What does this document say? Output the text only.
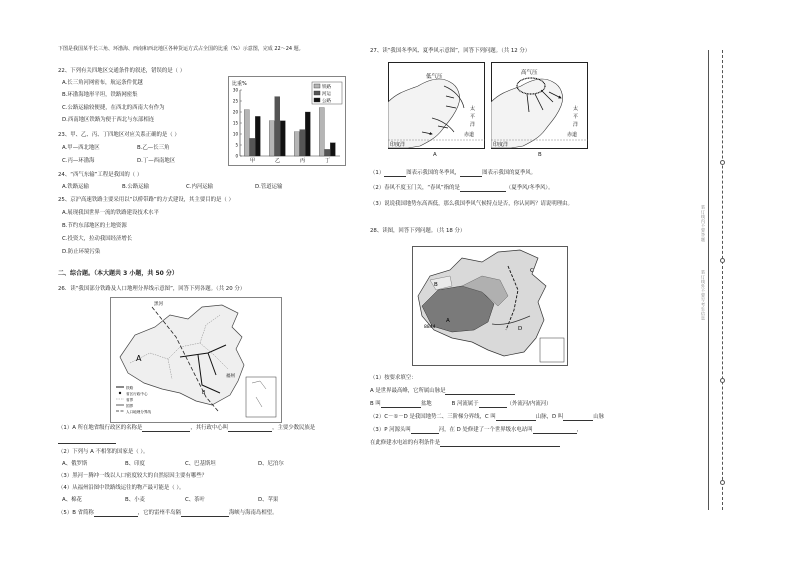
下图是我国某半长三角、环渤海、西南和西北地区各种货运方式占全国的比重（%）示意图，完成 22～24 题。
22、下列有关四地区交通条件的叙述，错误的是（ ）
A.长三角河网密布，航运条件优越
B.环渤海地形平坦，铁路网密集
C.公路运输较便捷，在西北的西南大有作为
D.西南地区铁路为便于西北与东部相连
23、甲、乙、丙、丁四地区对应关系正确的是（ ）
A.甲—西北地区	B.乙—长三角
C.丙—环渤海	D.丁—西南地区
24、“西气东输”工程是我国的（ ）
A.铁路运输	B.公路运输	C.内河运输	D.管道运输
25、京沪高速铁路主要采用以“以桥带路”的方式建设，其主要目的是（ ）
A.展现我国世界一流的铁路建设技术水平
B.节约东部地区的土地资源
C.投资大，拉动我国经济增长
D.防止环境污染
二、综合题。（本大题共 3 小题，共 50 分）
26．读“我国部分铁路及人口地理分界线示意图”，回答下列各题。（共 20 分）
比重%
0
5
10
15
20
25
30
甲	乙	丙	丁
铁路
河运
公路
A
B
黑河
福州
铁路
省区行政中心
省界
国界
人口地理分界线
（1）A 所在地省级行政区的名称是	，其行政中心叫	，主要少数民族是
（2）下列与 A 不相邻的国家是（ ）。
A、俄罗斯	B、印度	C、巴基斯坦	D、尼泊尔
（3）黑河－腾冲一线以人口密度较大的自然原因主要有哪些？
（4）从福州沿图中铁路线运往的物产最可能是（ ）。
A、棉花	B、小麦	C、茶叶	D、苹果
（5）B 省简称	，它的雷州半岛隔	海峡与海南岛相望。
27、读“我国冬季风、夏季风示意图”，回答下列问题。（共 12 分）
低气压
印度洋
赤道
太
平
洋
A
高气压
印度洋
赤道
太
平
洋
B
（1）	图表示我国的冬季风，	图表示我国的夏季风。
（2）春风不度玉门关，“春风”指的是	（夏季风/冬季风）。
（3）说说我国地势东高西低，那么我国季风气候特点是否，你认同吗？请说明理由。
28、读图，回答下列问题。（共 18 分）
B
A
C
D
8844
（1）按要求填空：
A 是世界最高峰，它所属山脉是
B 叫	盆地	B 河流属于	（外流河/内流河）
（2）C－①－D 是我国地势二、三阶梯分界线，C 叫	山脉，D 叫	山脉
（3）P 河源头叫	河，在 D 处修建了一个世界级水电站叫	，
在此修建水电站的有利条件是
装订线内不要答题
装订线外不要写考生信息
